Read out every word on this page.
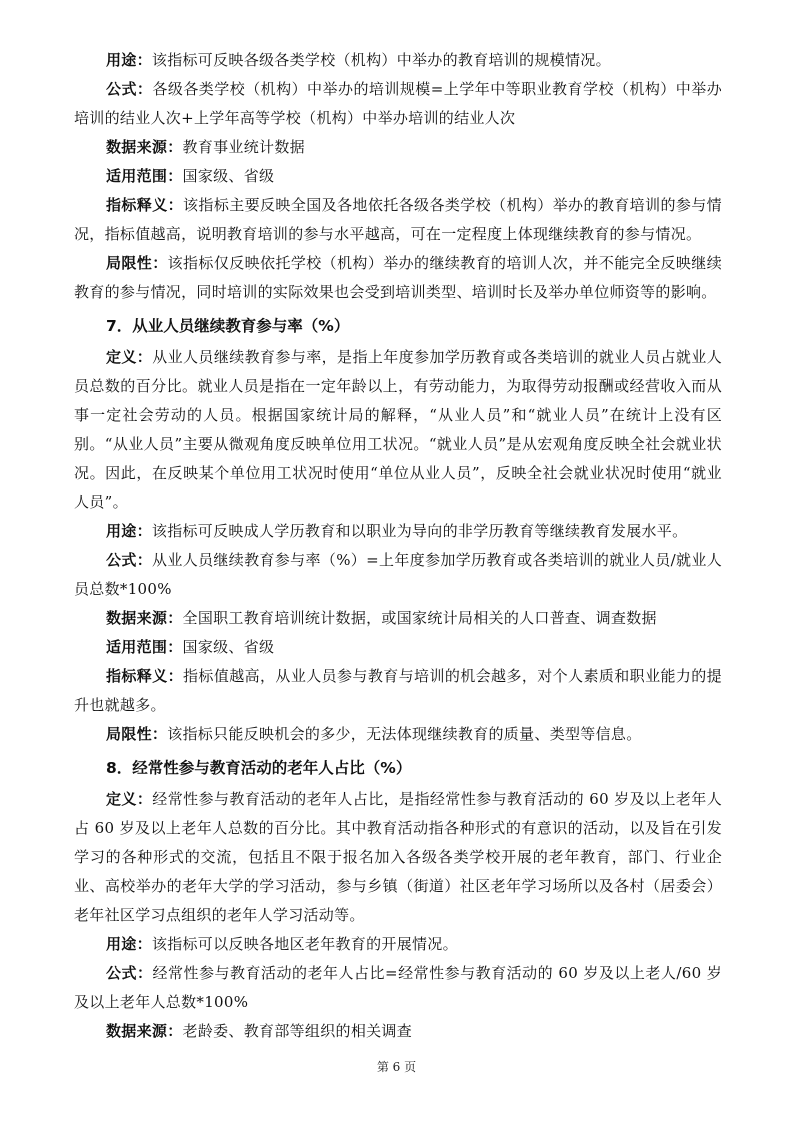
用途：该指标可反映各级各类学校（机构）中举办的教育培训的规模情况。

公式：各级各类学校（机构）中举办的培训规模=上学年中等职业教育学校（机构）中举办培训的结业人次+上学年高等学校（机构）中举办培训的结业人次

数据来源：教育事业统计数据

适用范围：国家级、省级

指标释义：该指标主要反映全国及各地依托各级各类学校（机构）举办的教育培训的参与情况，指标值越高，说明教育培训的参与水平越高，可在一定程度上体现继续教育的参与情况。

局限性：该指标仅反映依托学校（机构）举办的继续教育的培训人次，并不能完全反映继续教育的参与情况，同时培训的实际效果也会受到培训类型、培训时长及举办单位师资等的影响。

7．从业人员继续教育参与率（%）

定义：从业人员继续教育参与率，是指上年度参加学历教育或各类培训的就业人员占就业人员总数的百分比。就业人员是指在一定年龄以上，有劳动能力，为取得劳动报酬或经营收入而从事一定社会劳动的人员。根据国家统计局的解释，“从业人员”和“就业人员”在统计上没有区别。“从业人员”主要从微观角度反映单位用工状况。“就业人员”是从宏观角度反映全社会就业状况。因此，在反映某个单位用工状况时使用“单位从业人员”，反映全社会就业状况时使用“就业人员”。

用途：该指标可反映成人学历教育和以职业为导向的非学历教育等继续教育发展水平。

公式：从业人员继续教育参与率（%）=上年度参加学历教育或各类培训的就业人员/就业人员总数*100%

数据来源：全国职工教育培训统计数据，或国家统计局相关的人口普查、调查数据

适用范围：国家级、省级

指标释义：指标值越高，从业人员参与教育与培训的机会越多，对个人素质和职业能力的提升也就越多。

局限性：该指标只能反映机会的多少，无法体现继续教育的质量、类型等信息。

8．经常性参与教育活动的老年人占比（%）

定义：经常性参与教育活动的老年人占比，是指经常性参与教育活动的 60 岁及以上老年人占 60 岁及以上老年人总数的百分比。其中教育活动指各种形式的有意识的活动，以及旨在引发学习的各种形式的交流，包括且不限于报名加入各级各类学校开展的老年教育，部门、行业企业、高校举办的老年大学的学习活动，参与乡镇（街道）社区老年学习场所以及各村（居委会）老年社区学习点组织的老年人学习活动等。

用途：该指标可以反映各地区老年教育的开展情况。

公式：经常性参与教育活动的老年人占比=经常性参与教育活动的 60 岁及以上老人/60 岁及以上老年人总数*100%

数据来源：老龄委、教育部等组织的相关调查

第 6 页
